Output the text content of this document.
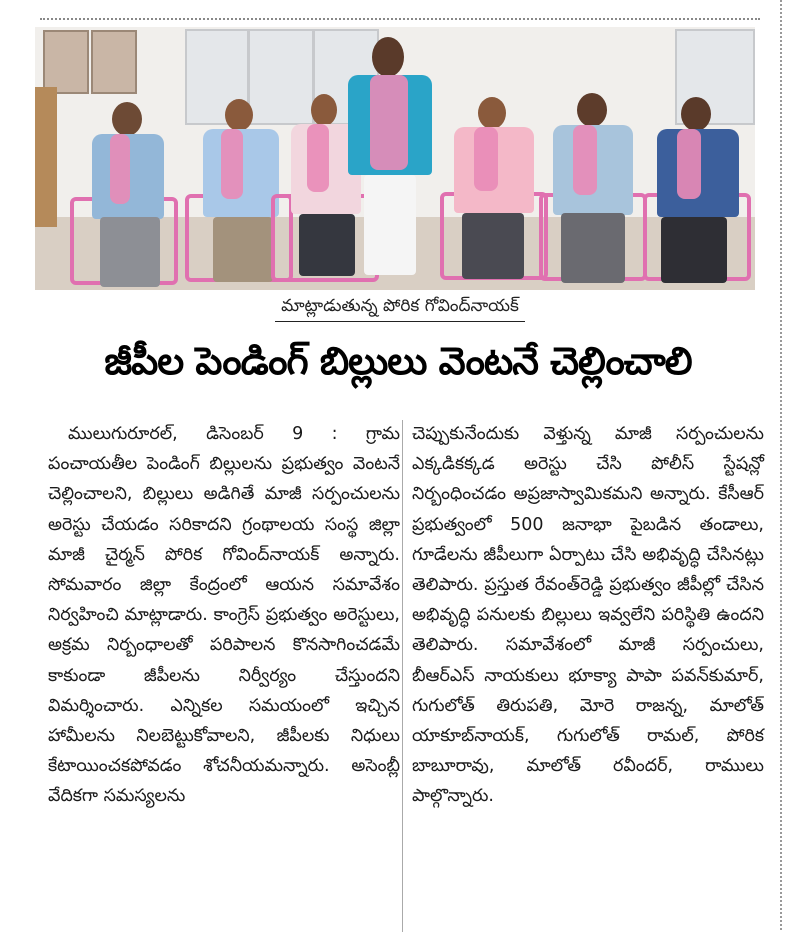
మాట్లాడుతున్న పోరిక గోవింద్‌నాయక్
జీపీల పెండింగ్ బిల్లులు వెంటనే చెల్లించాలి

ములుగురూరల్, డిసెంబర్ 9 : గ్రామ పంచాయతీల పెండింగ్ బిల్లులను ప్రభుత్వం వెంటనే చెల్లించాలని, బిల్లులు అడిగితే మాజీ సర్పంచులను అరెస్టు చేయడం సరికాదని గ్రంథాలయ సంస్థ జిల్లా మాజీ చైర్మన్ పోరిక గోవింద్‌నాయక్ అన్నారు. సోమవారం జిల్లా కేంద్రంలో ఆయన సమావేశం నిర్వహించి మాట్లాడారు. కాంగ్రెస్ ప్రభుత్వం అరెస్టులు, అక్రమ నిర్బంధాలతో పరిపాలన కొనసాగించడమే కాకుండా జీపీలను నిర్వీర్యం చేస్తుందని విమర్శించారు. ఎన్నికల సమయంలో ఇచ్చిన హామీలను నిలబెట్టుకోవాలని, జీపీలకు నిధులు కేటాయించకపోవడం శోచనీయమన్నారు. అసెంబ్లీ వేదికగా సమస్యలను

చెప్పుకునేందుకు వెళ్తున్న మాజీ సర్పంచులను ఎక్కడికక్కడ అరెస్టు చేసి పోలీస్ స్టేషన్లో నిర్బంధించడం అప్రజాస్వామికమని అన్నారు. కేసీఆర్ ప్రభుత్వంలో 500 జనాభా పైబడిన తండాలు, గూడేలను జీపీలుగా ఏర్పాటు చేసి అభివృద్ధి చేసినట్లు తెలిపారు. ప్రస్తుత రేవంత్‌రెడ్డి ప్రభుత్వం జీపీల్లో చేసిన అభివృద్ధి పనులకు బిల్లులు ఇవ్వలేని పరిస్థితి ఉందని తెలిపారు. సమావేశంలో మాజీ సర్పంచులు, బీఆర్ఎస్ నాయకులు భూక్యా పాపా పవన్‌కుమార్, గుగులోత్ తిరుపతి, మోరె రాజన్న, మాలోత్ యాకూబ్‌నాయక్, గుగులోత్ రామల్, పోరిక బాబూరావు, మాలోత్ రవీందర్, రాములు పాల్గొన్నారు.
